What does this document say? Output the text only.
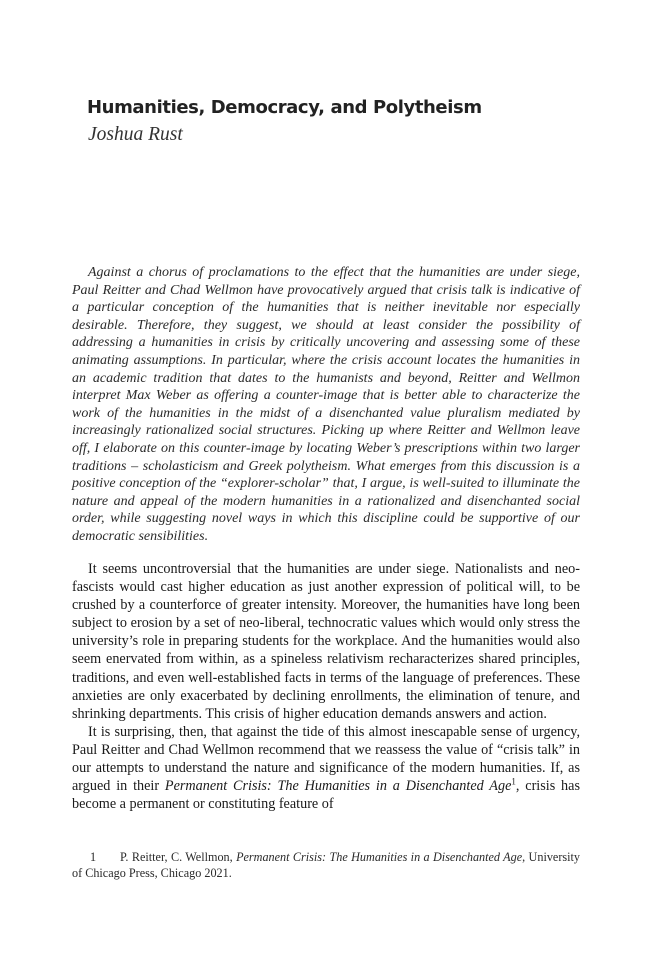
Humanities, Democracy, and Polytheism
Joshua Rust

Against a chorus of proclamations to the effect that the humanities are under siege, Paul Reitter and Chad Wellmon have provocatively argued that crisis talk is indicative of a particular conception of the humanities that is neither inevitable nor especially desirable. Therefore, they suggest, we should at least consider the possibility of addressing a humanities in crisis by critically uncovering and assessing some of these animating assumptions. In particular, where the crisis account locates the humanities in an academic tradition that dates to the humanists and beyond, Reitter and Wellmon interpret Max Weber as offering a counter-image that is better able to characterize the work of the humanities in the midst of a disenchanted value pluralism mediated by increasingly rationalized social structures. Picking up where Reitter and Wellmon leave off, I elaborate on this counter-image by locating Weber’s prescriptions within two larger traditions – scholasticism and Greek polytheism. What emerges from this discussion is a positive conception of the “explorer-scholar” that, I argue, is well-suited to illuminate the nature and appeal of the modern humanities in a rationalized and disenchanted social order, while suggesting novel ways in which this discipline could be supportive of our democratic sensibilities.

It seems uncontroversial that the humanities are under siege. Nationalists and neo-fascists would cast higher education as just another expression of political will, to be crushed by a counterforce of greater intensity. Moreover, the humanities have long been subject to erosion by a set of neo-liberal, technocratic values which would only stress the university’s role in preparing students for the workplace. And the humanities would also seem enervated from within, as a spineless relativism recharacterizes shared principles, traditions, and even well-established facts in terms of the language of preferences. These anxieties are only exacerbated by declining enrollments, the elimination of tenure, and shrinking departments. This crisis of higher education demands answers and action.

It is surprising, then, that against the tide of this almost inescapable sense of urgency, Paul Reitter and Chad Wellmon recommend that we reassess the value of “crisis talk” in our attempts to understand the nature and significance of the modern humanities. If, as argued in their Permanent Crisis: The Humanities in a Disenchanted Age$^1$, crisis has become a permanent or constituting feature of

1 P. Reitter, C. Wellmon, Permanent Crisis: The Humanities in a Disenchanted Age, University of Chicago Press, Chicago 2021.
